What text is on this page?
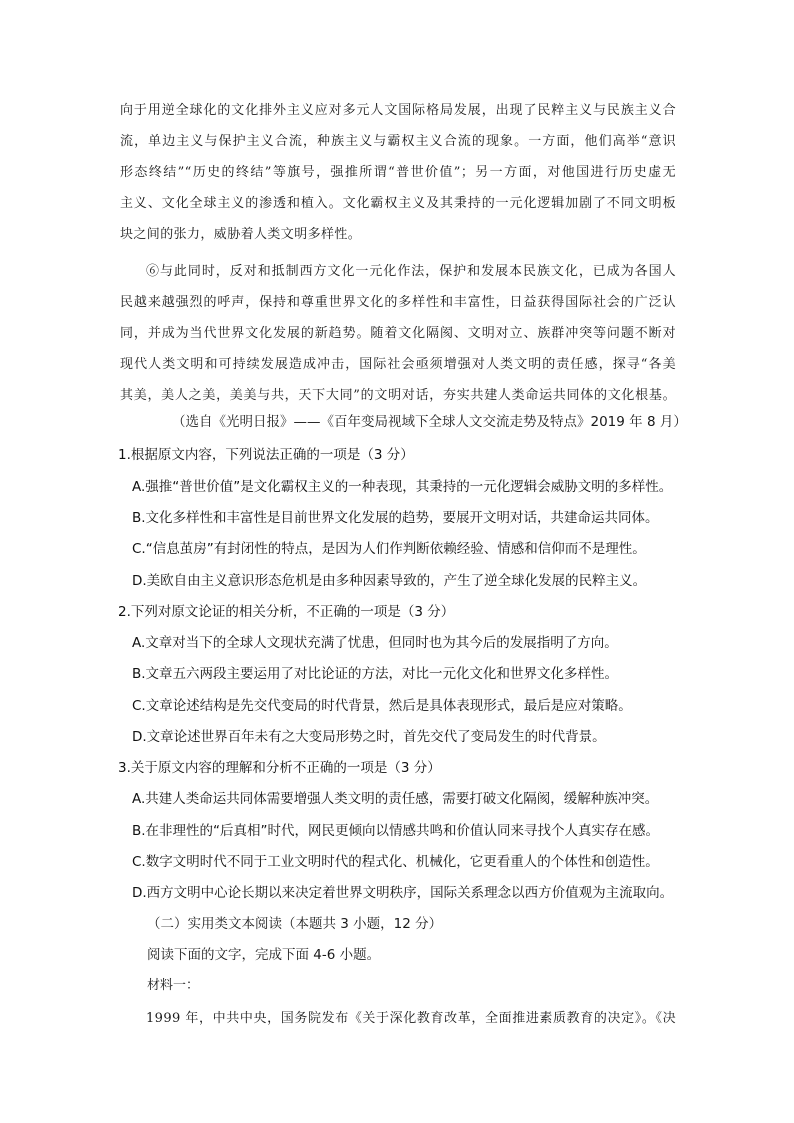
向于用逆全球化的文化排外主义应对多元人文国际格局发展，出现了民粹主义与民族主义合
流，单边主义与保护主义合流，种族主义与霸权主义合流的现象。一方面，他们高举“意识
形态终结”“历史的终结”等旗号，强推所谓“普世价值”；另一方面，对他国进行历史虚无
主义、文化全球主义的渗透和植入。文化霸权主义及其秉持的一元化逻辑加剧了不同文明板
块之间的张力，威胁着人类文明多样性。
⑥与此同时，反对和抵制西方文化一元化作法，保护和发展本民族文化，已成为各国人
民越来越强烈的呼声，保持和尊重世界文化的多样性和丰富性，日益获得国际社会的广泛认
同，并成为当代世界文化发展的新趋势。随着文化隔阂、文明对立、族群冲突等问题不断对
现代人类文明和可持续发展造成冲击，国际社会亟须增强对人类文明的责任感，探寻“各美
其美，美人之美，美美与共，天下大同”的文明对话，夯实共建人类命运共同体的文化根基。
（选自《光明日报》——《百年变局视域下全球人文交流走势及特点》2019 年 8 月）
1.根据原文内容，下列说法正确的一项是（3 分）
A.强推“普世价值”是文化霸权主义的一种表现，其秉持的一元化逻辑会威胁文明的多样性。
B.文化多样性和丰富性是目前世界文化发展的趋势，要展开文明对话，共建命运共同体。
C.“信息茧房”有封闭性的特点，是因为人们作判断依赖经验、情感和信仰而不是理性。
D.美欧自由主义意识形态危机是由多种因素导致的，产生了逆全球化发展的民粹主义。
2.下列对原文论证的相关分析，不正确的一项是（3 分）
A.文章对当下的全球人文现状充满了忧患，但同时也为其今后的发展指明了方向。
B.文章五六两段主要运用了对比论证的方法，对比一元化文化和世界文化多样性。
C.文章论述结构是先交代变局的时代背景，然后是具体表现形式，最后是应对策略。
D.文章论述世界百年未有之大变局形势之时，首先交代了变局发生的时代背景。
3.关于原文内容的理解和分析不正确的一项是（3 分）
A.共建人类命运共同体需要增强人类文明的责任感，需要打破文化隔阂，缓解种族冲突。
B.在非理性的“后真相”时代，网民更倾向以情感共鸣和价值认同来寻找个人真实存在感。
C.数字文明时代不同于工业文明时代的程式化、机械化，它更看重人的个体性和创造性。
D.西方文明中心论长期以来决定着世界文明秩序，国际关系理念以西方价值观为主流取向。
（二）实用类文本阅读（本题共 3 小题，12 分）
阅读下面的文字，完成下面 4-6 小题。
材料一：
1999 年，中共中央，国务院发布《关于深化教育改革，全面推进素质教育的决定》。《决
